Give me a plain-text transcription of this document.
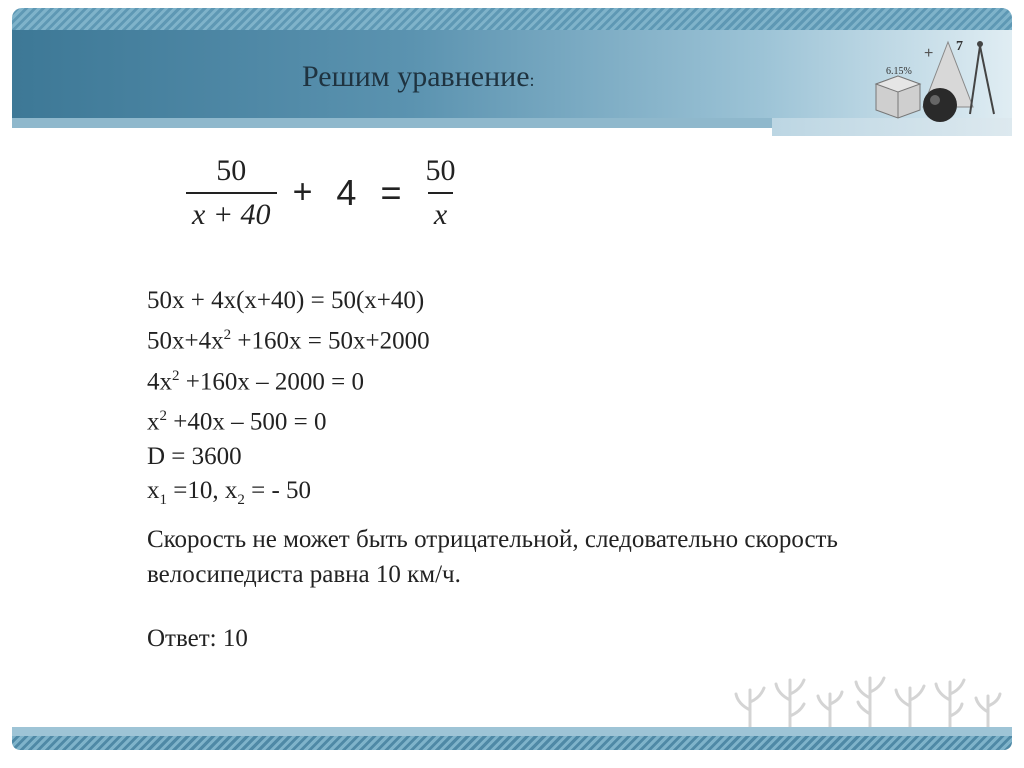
Решим уравнение:
7
6.15%
+
$\frac{50}{x + 40} + 4 = \frac{50}{x}$
50х + 4х(х+40) = 50(х+40)
$50х+4х^2 +160х = 50х+2000$
$4х^2 +160х - 2000 = 0$
$х^2 +40х - 500 = 0$
D = 3600
$х_1 =10$, $х_2$ = - 50
Скорость не может быть отрицательной, следовательно скорость велосипедиста равна 10 км/ч.
Ответ: 10
